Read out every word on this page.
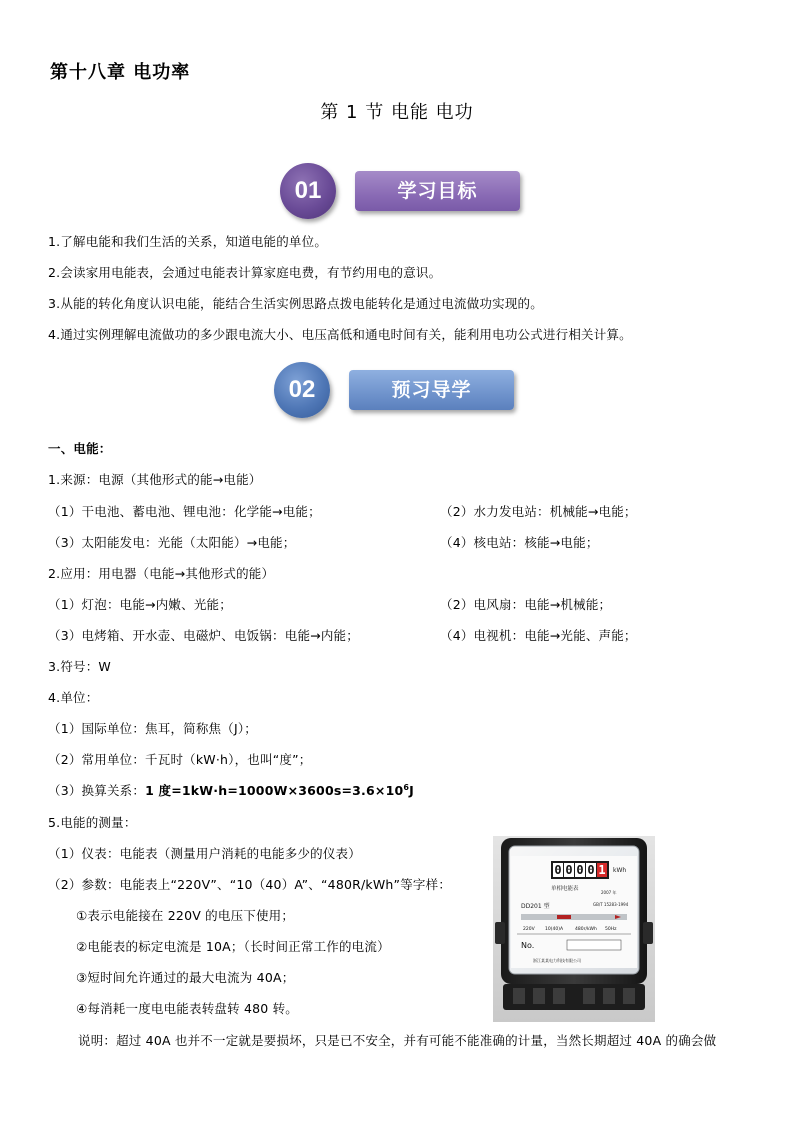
第十八章 电功率
第 1 节 电能 电功
01	学习目标
1.了解电能和我们生活的关系，知道电能的单位。
2.会读家用电能表，会通过电能表计算家庭电费，有节约用电的意识。
3.从能的转化角度认识电能，能结合生活实例思路点拨电能转化是通过电流做功实现的。
4.通过实例理解电流做功的多少跟电流大小、电压高低和通电时间有关，能利用电功公式进行相关计算。
02	预习导学
一、电能：
1.来源：电源（其他形式的能→电能）
（1）干电池、蓄电池、锂电池：化学能→电能；	（2）水力发电站：机械能→电能；
（3）太阳能发电：光能（太阳能）→电能；	（4）核电站：核能→电能；
2.应用：用电器（电能→其他形式的能）
（1）灯泡：电能→内嫩、光能；	（2）电风扇：电能→机械能；
（3）电烤箱、开水壶、电磁炉、电饭锅：电能→内能；	（4）电视机：电能→光能、声能；
3.符号：W
4.单位：
（1）国际单位：焦耳，简称焦（J）；
（2）常用单位：千瓦时（kW·h），也叫“度”；
（3）换算关系：1 度$=1kW\cdot h=1000W\times 3600s=3.6\times 10^6J$
5.电能的测量：
（1）仪表：电能表（测量用户消耗的电能多少的仪表）
（2）参数：电能表上“220V”、“10（40）A”、“480R/kWh”等字样：
①表示电能接在 220V 的电压下使用；
②电能表的标定电流是 10A；（长时间正常工作的电流）
③短时间允许通过的最大电流为 40A；
④每消耗一度电电能表转盘转 480 转。
说明：超过 40A 也并不一定就是要损坏，只是已不安全，并有可能不能准确的计量，当然长期超过 40A 的确会做
0 0 0 0 1 kWh
单相电能表
2007 年
DD201 型	GB/T 15283-1994
220V 10(40)A	480r/kWh 50Hz
No.
浙江某某电力科技有限公司
